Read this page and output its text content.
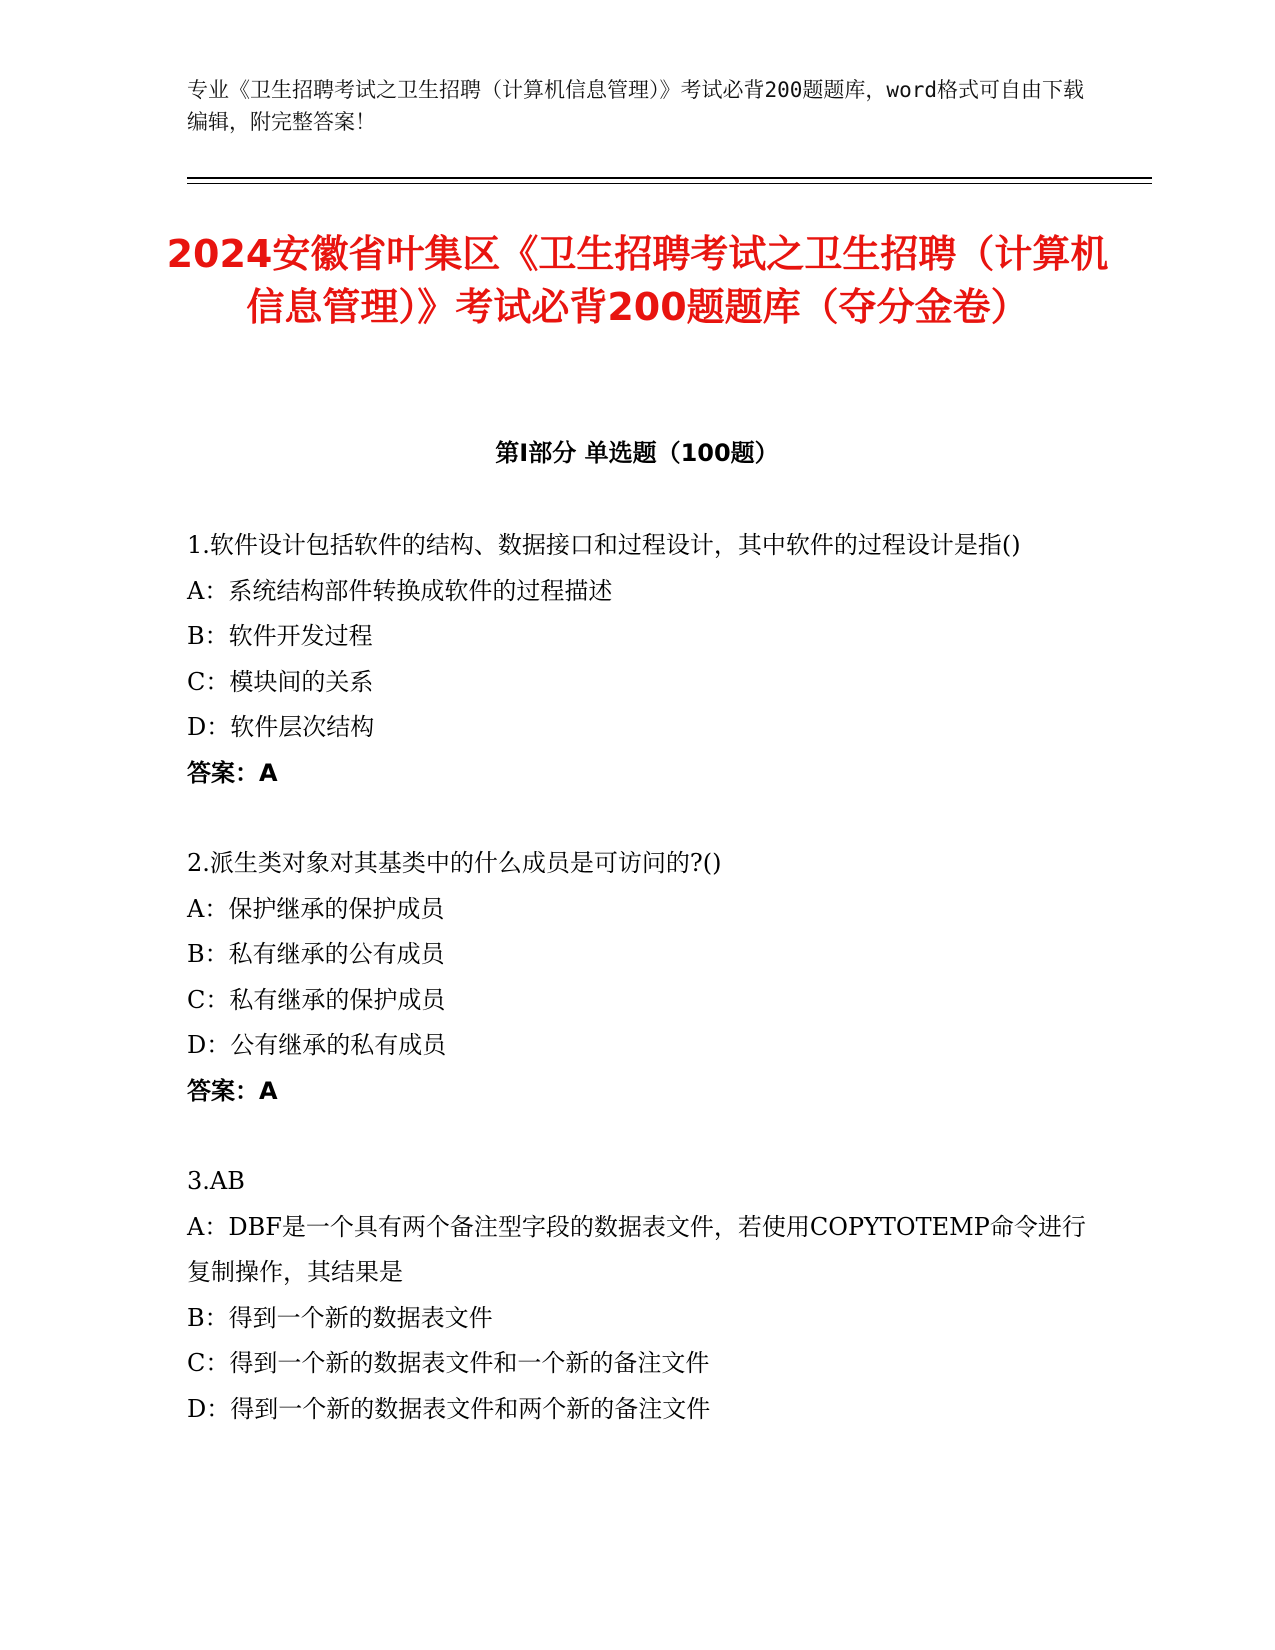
专业《卫生招聘考试之卫生招聘（计算机信息管理）》考试必背200题题库，word格式可自由下载编辑，附完整答案！
2024安徽省叶集区《卫生招聘考试之卫生招聘（计算机信息管理）》考试必背200题题库（夺分金卷）
第Ⅰ部分 单选题（100题）

1.软件设计包括软件的结构、数据接口和过程设计，其中软件的过程设计是指()

A：系统结构部件转换成软件的过程描述

B：软件开发过程

C：模块间的关系

D：软件层次结构

答案：A

2.派生类对象对其基类中的什么成员是可访问的?()

A：保护继承的保护成员

B：私有继承的公有成员

C：私有继承的保护成员

D：公有继承的私有成员

答案：A

3.AB

A：DBF是一个具有两个备注型字段的数据表文件，若使用COPYTOTEMP命令进行复制操作，其结果是

B：得到一个新的数据表文件

C：得到一个新的数据表文件和一个新的备注文件

D：得到一个新的数据表文件和两个新的备注文件
